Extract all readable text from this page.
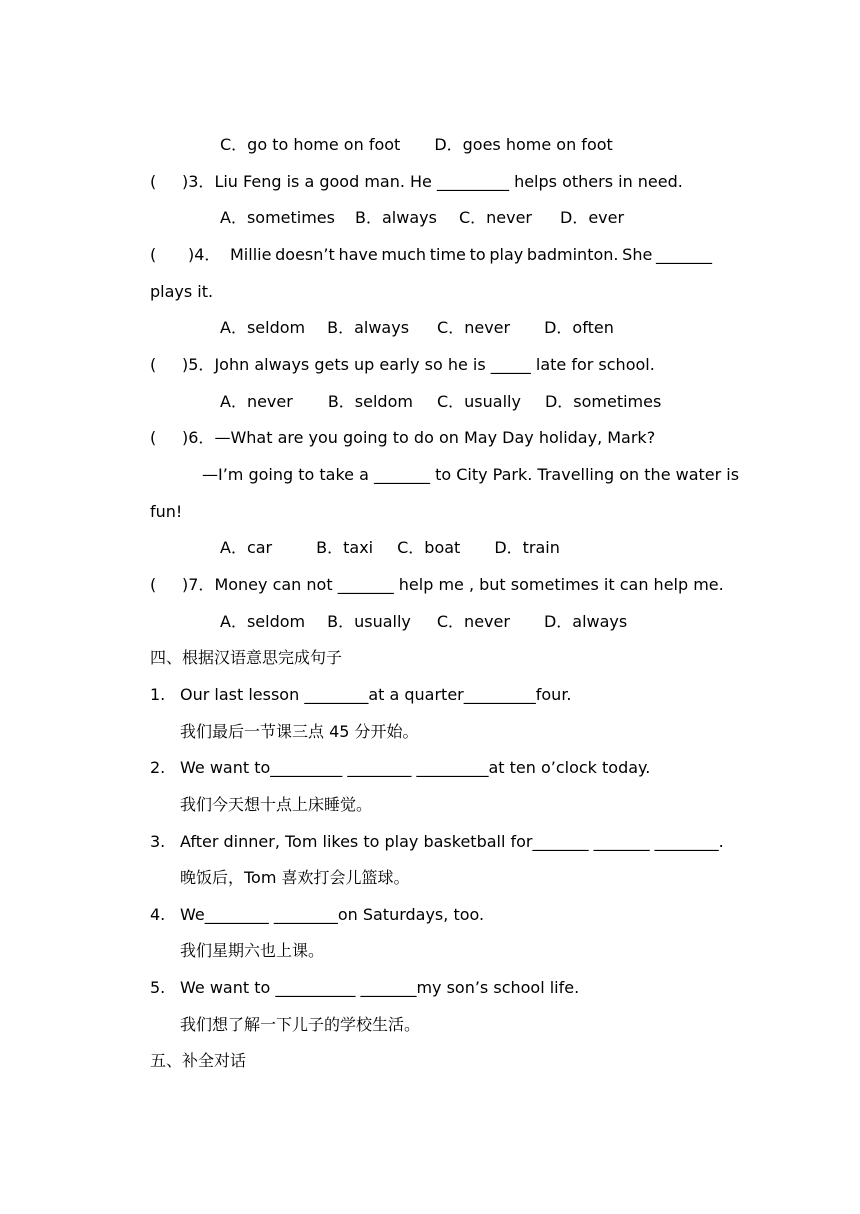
C．go to home on foot D．goes home on foot
( )3．Liu Feng is a good man. He _________ helps others in need.
A．sometimes B．always C．never D．ever
( )4． Millie doesn’t have much time to play badminton. She _______
plays it.
A．seldom B．always C．never D．often
( )5．John always gets up early so he is _____ late for school.
A．never B．seldom C．usually D．sometimes
( )6．—What are you going to do on May Day holiday, Mark?
—I’m going to take a _______ to City Park. Travelling on the water is
fun!
A．car	B．taxi C．boat D．train
( )7．Money can not _______ help me , but sometimes it can help me.
A．seldom B．usually C．never D．always
四、根据汉语意思完成句子
1. Our last lesson ________at a quarter_________four.
我们最后一节课三点 45 分开始。
2. We want to_________ ________ _________at ten o’clock today.
我们今天想十点上床睡觉。
3. After dinner, Tom likes to play basketball for_______ _______ ________.
晚饭后，Tom 喜欢打会儿篮球。
4. We________ ________on Saturdays, too.
我们星期六也上课。
5. We want to __________ _______my son’s school life.
我们想了解一下儿子的学校生活。
五、补全对话
